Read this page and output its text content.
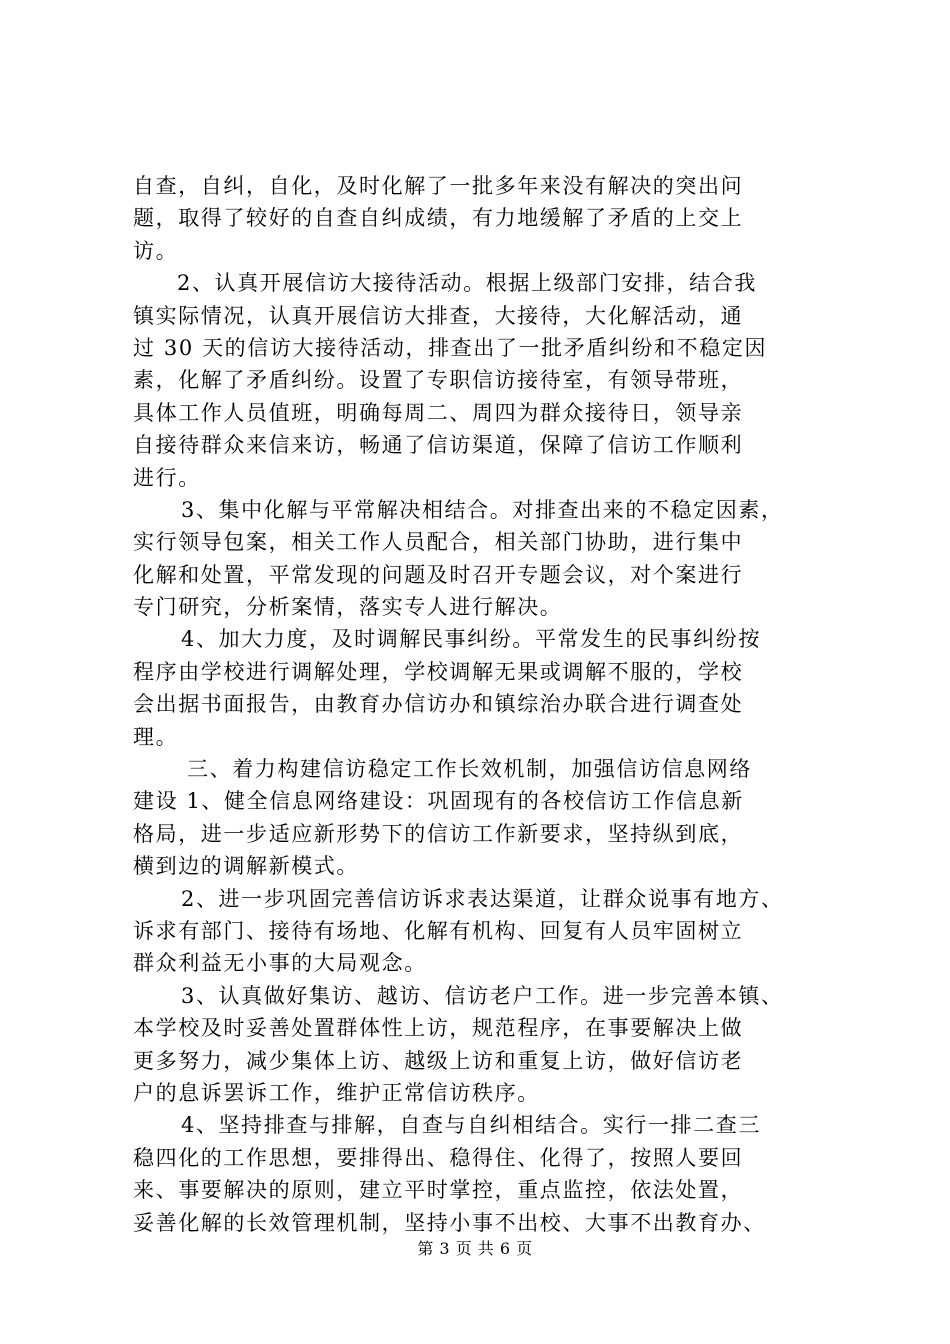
自查，自纠，自化，及时化解了一批多年来没有解决的突出问
题，取得了较好的自查自纠成绩，有力地缓解了矛盾的上交上
访。
2、认真开展信访大接待活动。根据上级部门安排，结合我
镇实际情况，认真开展信访大排查，大接待，大化解活动，通
过 30 天的信访大接待活动，排查出了一批矛盾纠纷和不稳定因
素，化解了矛盾纠纷。设置了专职信访接待室，有领导带班，
具体工作人员值班，明确每周二、周四为群众接待日，领导亲
自接待群众来信来访，畅通了信访渠道，保障了信访工作顺利
进行。
3、集中化解与平常解决相结合。对排查出来的不稳定因素，
实行领导包案，相关工作人员配合，相关部门协助，进行集中
化解和处置，平常发现的问题及时召开专题会议，对个案进行
专门研究，分析案情，落实专人进行解决。
4、加大力度，及时调解民事纠纷。平常发生的民事纠纷按
程序由学校进行调解处理，学校调解无果或调解不服的，学校
会出据书面报告，由教育办信访办和镇综治办联合进行调查处
理。
三、着力构建信访稳定工作长效机制，加强信访信息网络
建设 1、健全信息网络建设：巩固现有的各校信访工作信息新
格局，进一步适应新形势下的信访工作新要求，坚持纵到底，
横到边的调解新模式。
2、进一步巩固完善信访诉求表达渠道，让群众说事有地方、
诉求有部门、接待有场地、化解有机构、回复有人员牢固树立
群众利益无小事的大局观念。
3、认真做好集访、越访、信访老户工作。进一步完善本镇、
本学校及时妥善处置群体性上访，规范程序，在事要解决上做
更多努力，减少集体上访、越级上访和重复上访，做好信访老
户的息诉罢诉工作，维护正常信访秩序。
4、坚持排查与排解，自查与自纠相结合。实行一排二查三
稳四化的工作思想，要排得出、稳得住、化得了，按照人要回
来、事要解决的原则，建立平时掌控，重点监控，依法处置，
妥善化解的长效管理机制，坚持小事不出校、大事不出教育办、
第 3 页 共 6 页
